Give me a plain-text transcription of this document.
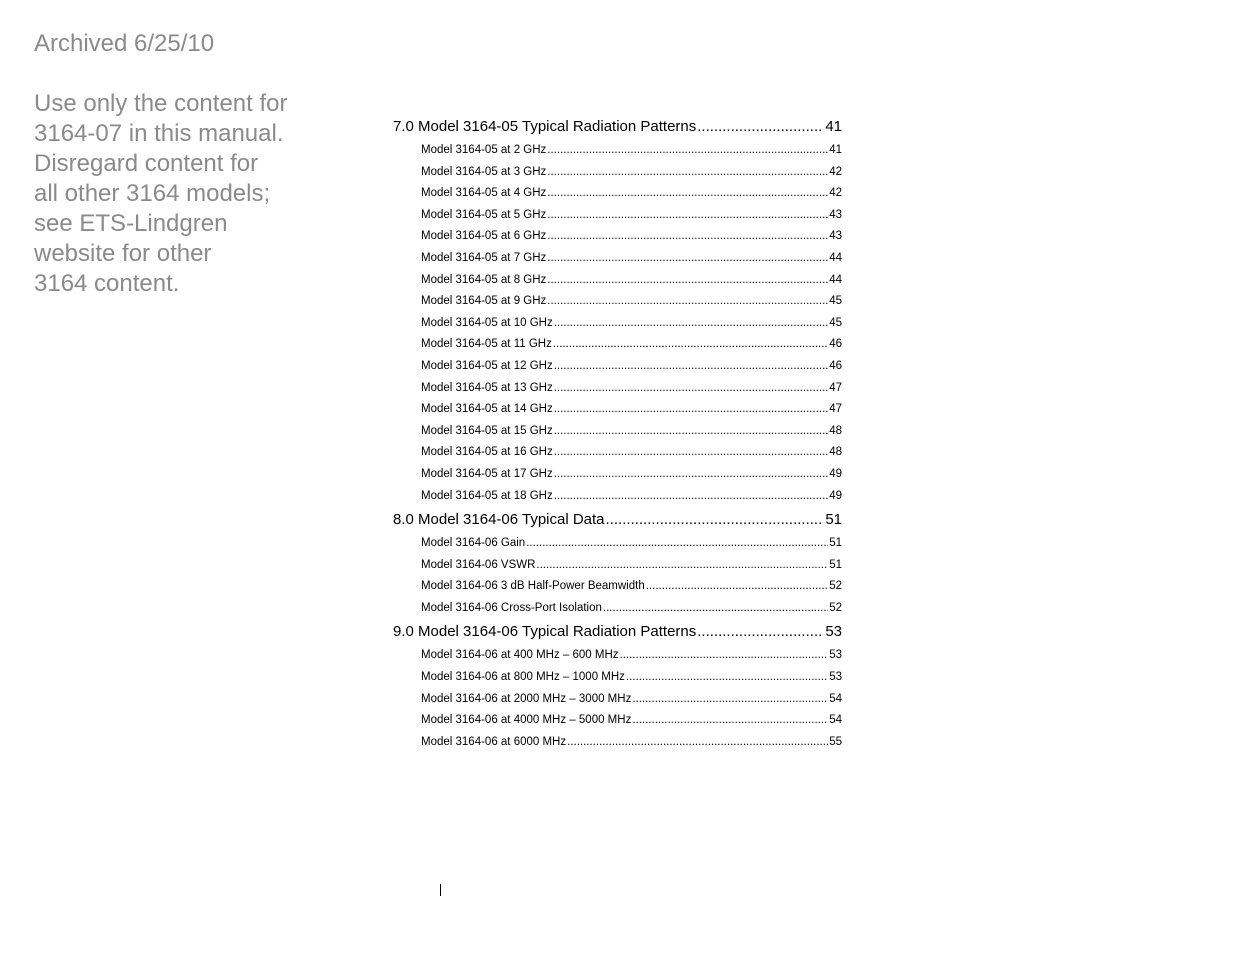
Archived 6/25/10
Use only the content for
3164-07 in this manual.
Disregard content for
all other 3164 models;
see ETS-Lindgren
website for other
3164 content.
7.0 Model 3164-05 Typical Radiation Patterns .....	41
Model 3164-05 at 2 GHz .....	41
Model 3164-05 at 3 GHz .....	42
Model 3164-05 at 4 GHz .....	42
Model 3164-05 at 5 GHz .....	43
Model 3164-05 at 6 GHz .....	43
Model 3164-05 at 7 GHz .....	44
Model 3164-05 at 8 GHz .....	44
Model 3164-05 at 9 GHz .....	45
Model 3164-05 at 10 GHz .....	45
Model 3164-05 at 11 GHz .....	46
Model 3164-05 at 12 GHz .....	46
Model 3164-05 at 13 GHz .....	47
Model 3164-05 at 14 GHz .....	47
Model 3164-05 at 15 GHz .....	48
Model 3164-05 at 16 GHz .....	48
Model 3164-05 at 17 GHz .....	49
Model 3164-05 at 18 GHz .....	49
8.0 Model 3164-06 Typical Data .....	51
Model 3164-06 Gain .....	51
Model 3164-06 VSWR .....	51
Model 3164-06 3 dB Half-Power Beamwidth .....	52
Model 3164-06 Cross-Port Isolation .....	52
9.0 Model 3164-06 Typical Radiation Patterns .....	53
Model 3164-06 at 400 MHz – 600 MHz .....	53
Model 3164-06 at 800 MHz – 1000 MHz .....	53
Model 3164-06 at 2000 MHz – 3000 MHz .....	54
Model 3164-06 at 4000 MHz – 5000 MHz .....	54
Model 3164-06 at 6000 MHz .....	55
